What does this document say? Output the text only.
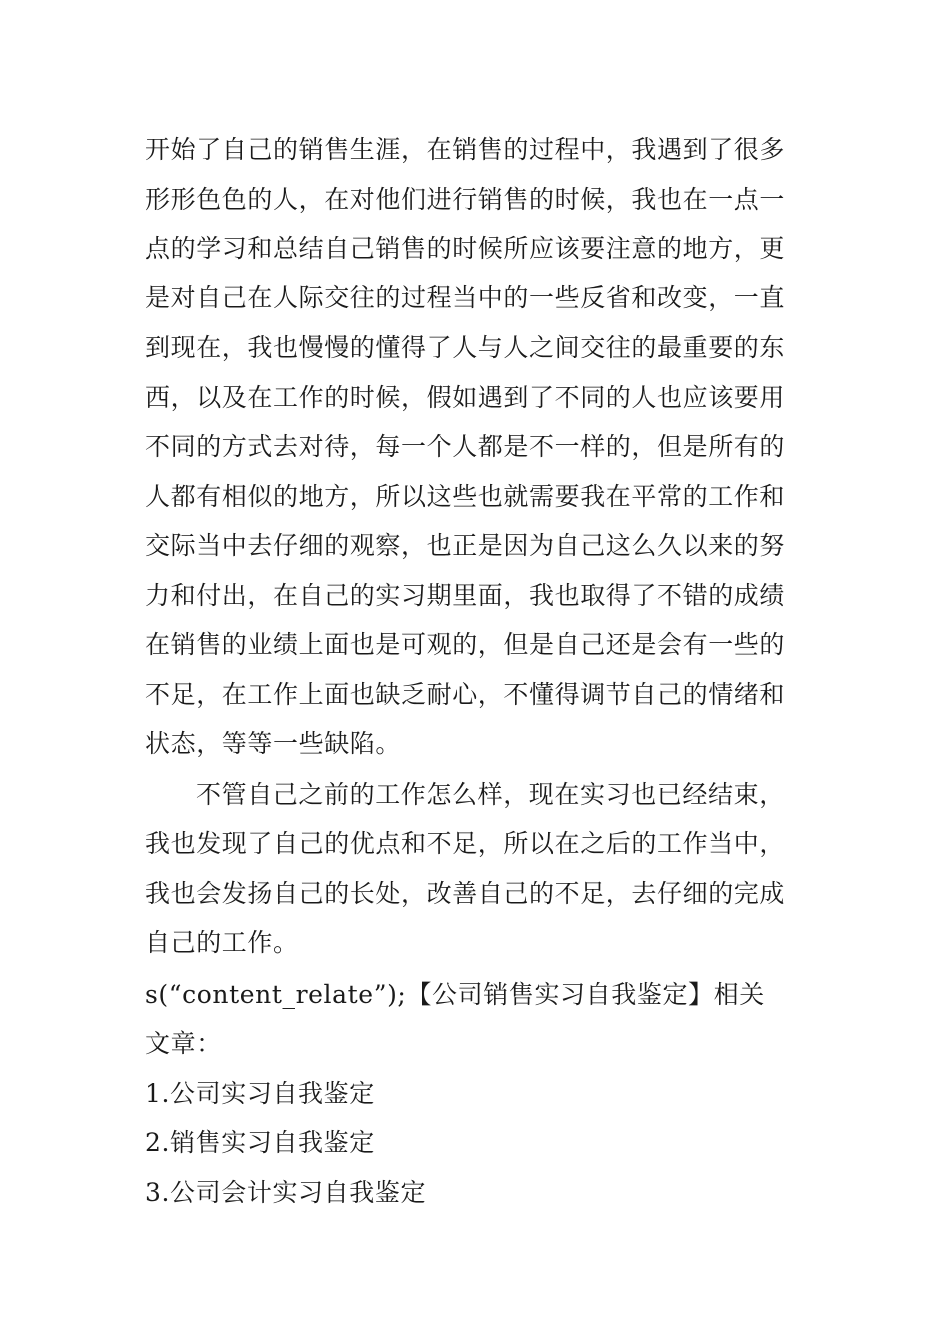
开始了自己的销售生涯，在销售的过程中，我遇到了很多
形形色色的人，在对他们进行销售的时候，我也在一点一
点的学习和总结自己销售的时候所应该要注意的地方，更
是对自己在人际交往的过程当中的一些反省和改变，一直
到现在，我也慢慢的懂得了人与人之间交往的最重要的东
西，以及在工作的时候，假如遇到了不同的人也应该要用
不同的方式去对待，每一个人都是不一样的，但是所有的
人都有相似的地方，所以这些也就需要我在平常的工作和
交际当中去仔细的观察，也正是因为自己这么久以来的努
力和付出，在自己的实习期里面，我也取得了不错的成绩
在销售的业绩上面也是可观的，但是自己还是会有一些的
不足，在工作上面也缺乏耐心，不懂得调节自己的情绪和
状态，等等一些缺陷。
不管自己之前的工作怎么样，现在实习也已经结束，
我也发现了自己的优点和不足，所以在之后的工作当中，
我也会发扬自己的长处，改善自己的不足，去仔细的完成
自己的工作。
s(“content_relate”);【公司销售实习自我鉴定】相关
文章：
1.公司实习自我鉴定
2.销售实习自我鉴定
3.公司会计实习自我鉴定
